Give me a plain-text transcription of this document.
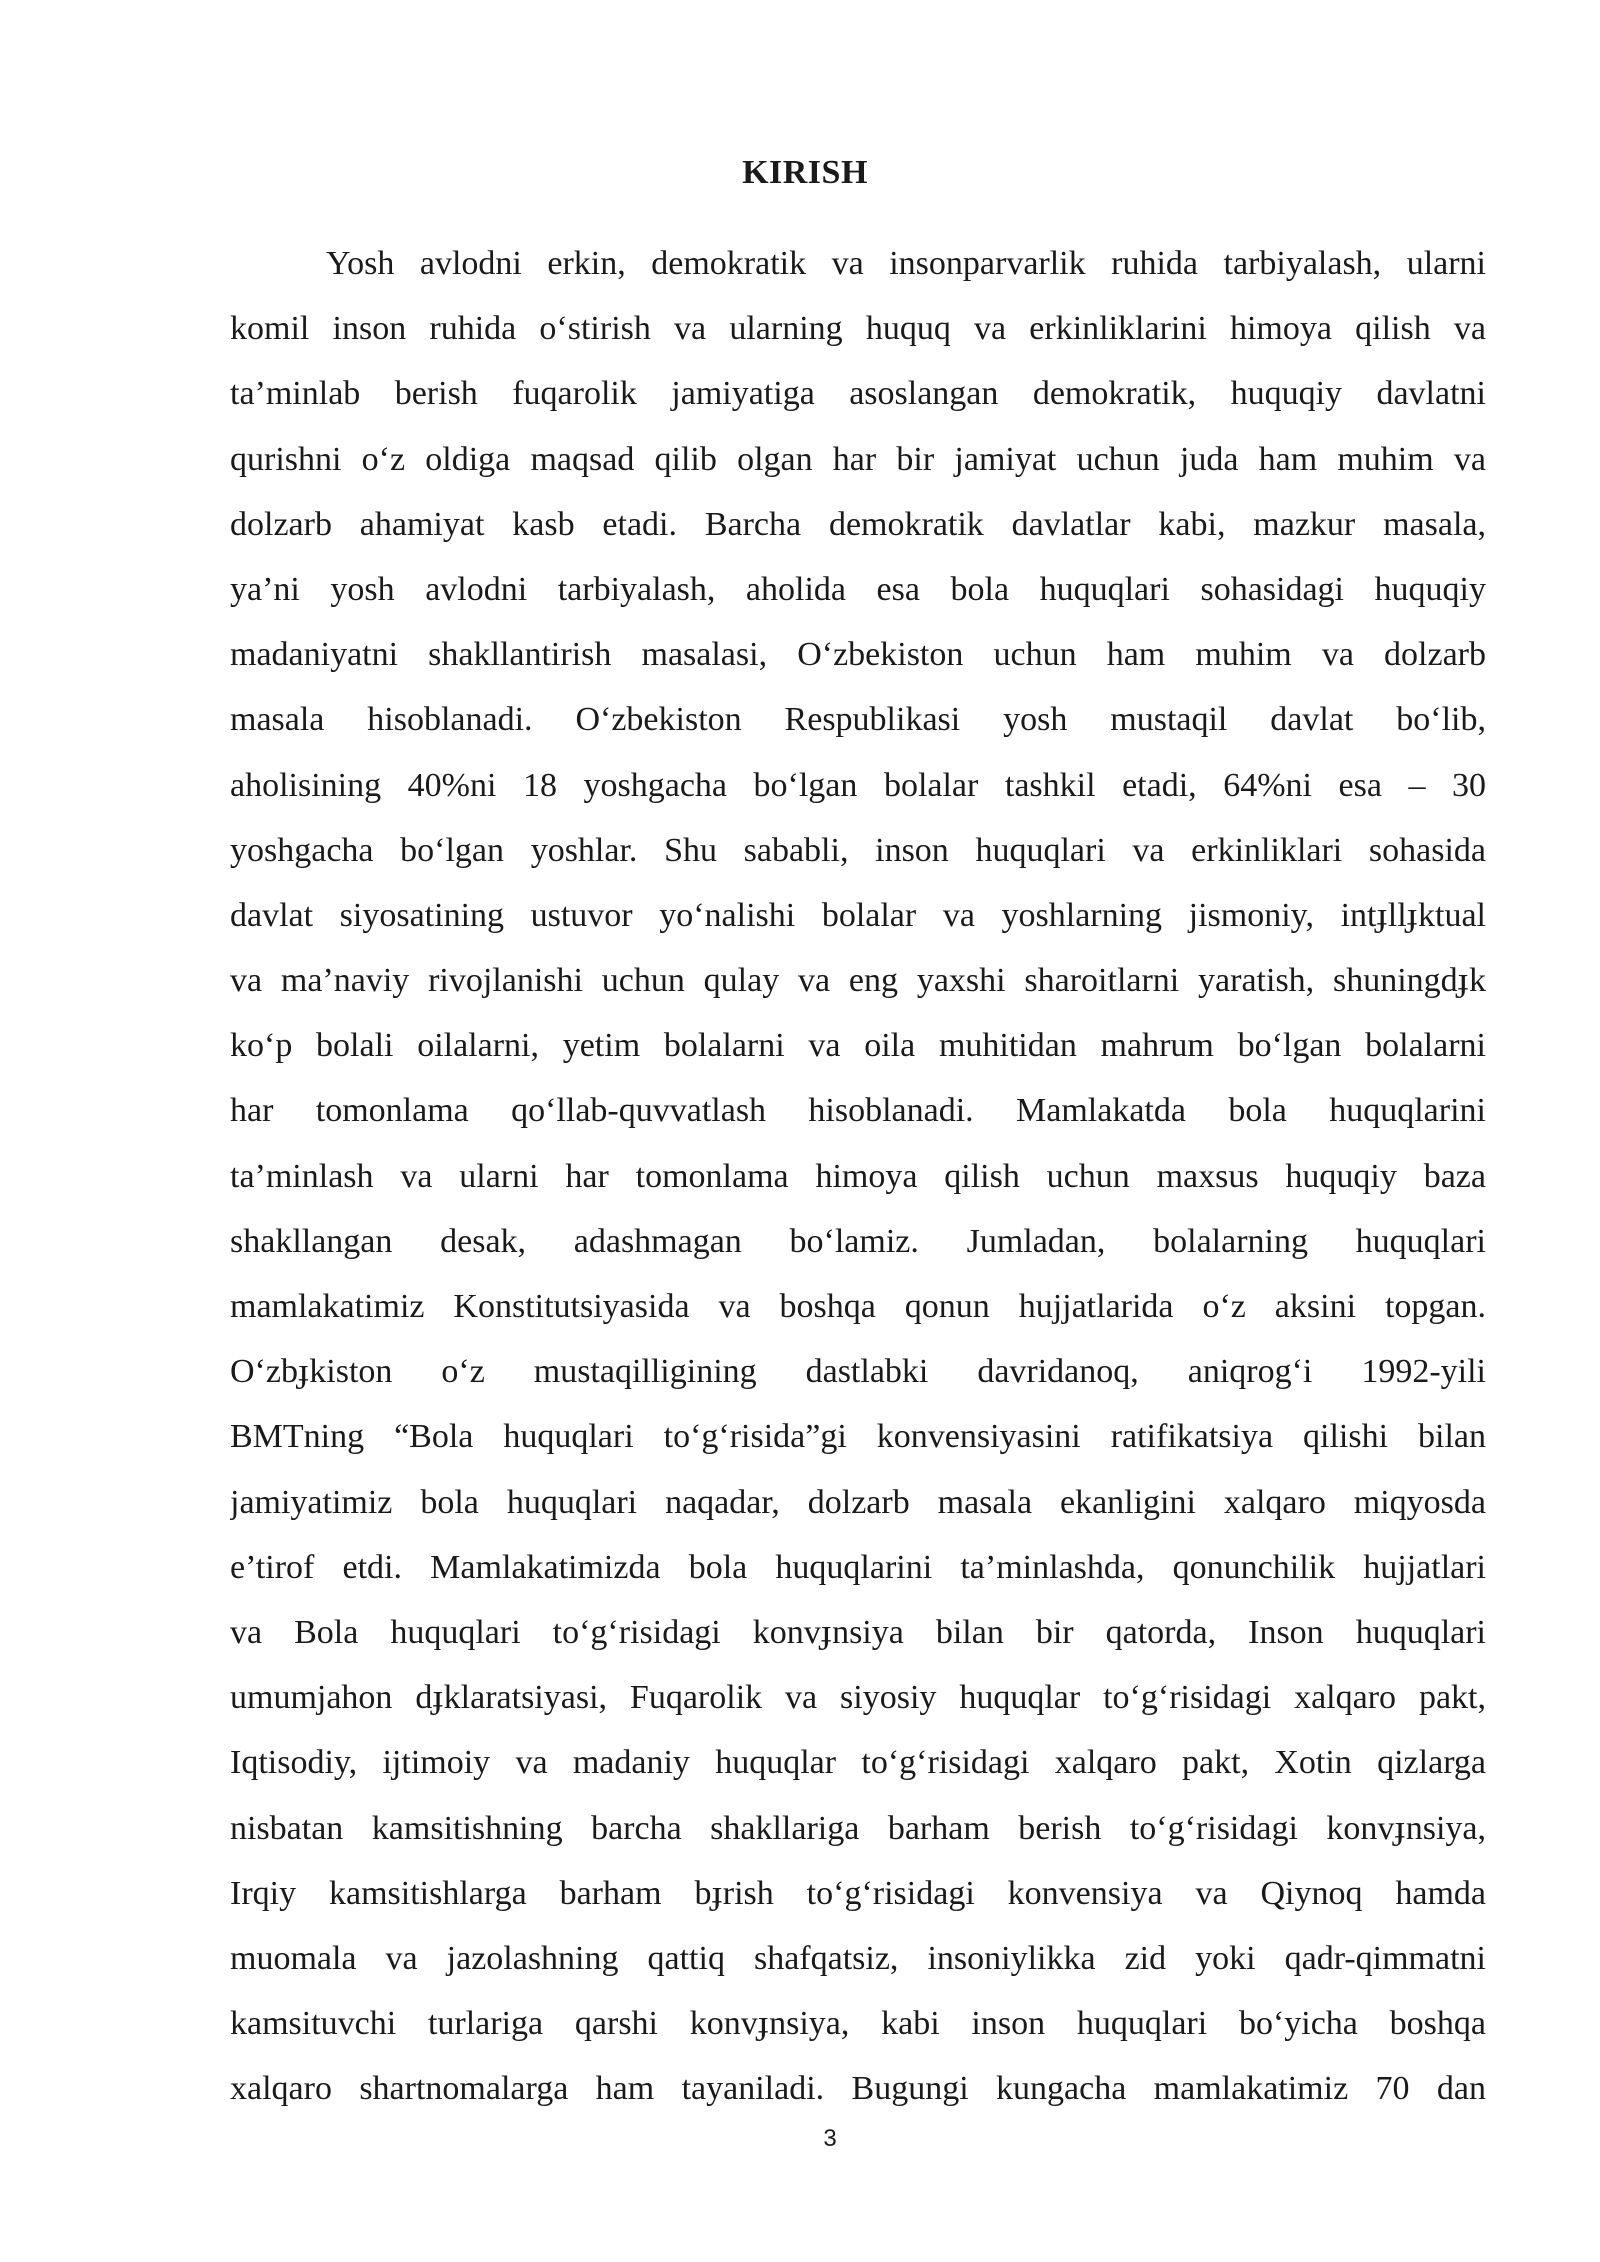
KIRISH
Yosh avlodni erkin, demokratik va insonparvarlik ruhida tarbiyalash, ularni
komil inson ruhida o‘stirish va ularning huquq va erkinliklarini himoya qilish va
ta’minlab berish fuqarolik jamiyatiga asoslangan demokratik, huquqiy davlatni
qurishni o‘z oldiga maqsad qilib olgan har bir jamiyat uchun juda ham muhim va
dolzarb ahamiyat kasb etadi. Barcha demokratik davlatlar kabi, mazkur masala,
ya’ni yosh avlodni tarbiyalash, aholida esa bola huquqlari sohasidagi huquqiy
madaniyatni shakllantirish masalasi, O‘zbekiston uchun ham muhim va dolzarb
masala hisoblanadi. O‘zbekiston Respublikasi yosh mustaqil davlat bo‘lib,
aholisining 40%ni 18 yoshgacha bo‘lgan bolalar tashkil etadi, 64%ni esa – 30
yoshgacha bo‘lgan yoshlar. Shu sababli, inson huquqlari va erkinliklari sohasida
davlat siyosatining ustuvor yo‘nalishi bolalar va yoshlarning jismoniy, intɟllɟktual
va ma’naviy rivojlanishi uchun qulay va eng yaxshi sharoitlarni yaratish, shuningdɟk
ko‘p bolali oilalarni, yetim bolalarni va oila muhitidan mahrum bo‘lgan bolalarni
har tomonlama qo‘llab-quvvatlash hisoblanadi. Mamlakatda bola huquqlarini
ta’minlash va ularni har tomonlama himoya qilish uchun maxsus huquqiy baza
shakllangan desak, adashmagan bo‘lamiz. Jumladan, bolalarning huquqlari
mamlakatimiz Konstitutsiyasida va boshqa qonun hujjatlarida o‘z aksini topgan.
O‘zbɟkiston o‘z mustaqilligining dastlabki davridanoq, aniqrog‘i 1992-yili
BMTning “Bola huquqlari to‘g‘risida”gi konvensiyasini ratifikatsiya qilishi bilan
jamiyatimiz bola huquqlari naqadar, dolzarb masala ekanligini xalqaro miqyosda
e’tirof etdi. Mamlakatimizda bola huquqlarini ta’minlashda, qonunchilik hujjatlari
va Bola huquqlari to‘g‘risidagi konvɟnsiya bilan bir qatorda, Inson huquqlari
umumjahon dɟklaratsiyasi, Fuqarolik va siyosiy huquqlar to‘g‘risidagi xalqaro pakt,
Iqtisodiy, ijtimoiy va madaniy huquqlar to‘g‘risidagi xalqaro pakt, Xotin qizlarga
nisbatan kamsitishning barcha shakllariga barham berish to‘g‘risidagi konvɟnsiya,
Irqiy kamsitishlarga barham bɟrish to‘g‘risidagi konvensiya va Qiynoq hamda
muomala va jazolashning qattiq shafqatsiz, insoniylikka zid yoki qadr-qimmatni
kamsituvchi turlariga qarshi konvɟnsiya, kabi inson huquqlari bo‘yicha boshqa
xalqaro shartnomalarga ham tayaniladi. Bugungi kungacha mamlakatimiz 70 dan
3
